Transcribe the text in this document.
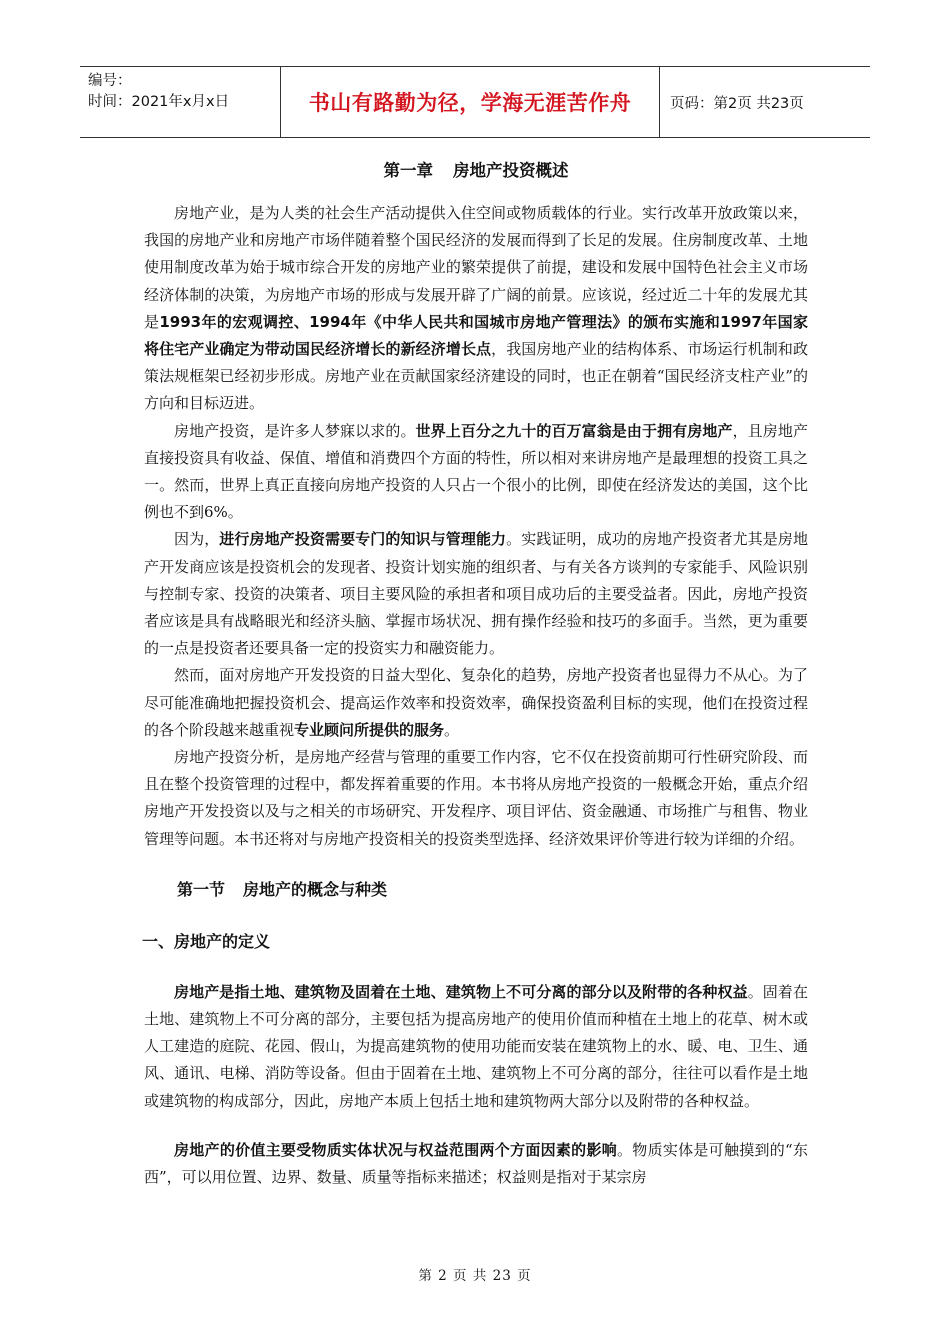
编号：
时间：2021年x月x日	书山有路勤为径，学海无涯苦作舟	页码：第2页 共23页
第一章 房地产投资概述

房地产业，是为人类的社会生产活动提供入住空间或物质载体的行业。实行改革开放政策以来，我国的房地产业和房地产市场伴随着整个国民经济的发展而得到了长足的发展。住房制度改革、土地使用制度改革为始于城市综合开发的房地产业的繁荣提供了前提，建设和发展中国特色社会主义市场经济体制的决策，为房地产市场的形成与发展开辟了广阔的前景。应该说，经过近二十年的发展尤其是1993年的宏观调控、1994年《中华人民共和国城市房地产管理法》的颁布实施和1997年国家将住宅产业确定为带动国民经济增长的新经济增长点，我国房地产业的结构体系、市场运行机制和政策法规框架已经初步形成。房地产业在贡献国家经济建设的同时，也正在朝着“国民经济支柱产业”的方向和目标迈进。

房地产投资，是许多人梦寐以求的。世界上百分之九十的百万富翁是由于拥有房地产，且房地产直接投资具有收益、保值、增值和消费四个方面的特性，所以相对来讲房地产是最理想的投资工具之一。然而，世界上真正直接向房地产投资的人只占一个很小的比例，即使在经济发达的美国，这个比例也不到6%。

因为，进行房地产投资需要专门的知识与管理能力。实践证明，成功的房地产投资者尤其是房地产开发商应该是投资机会的发现者、投资计划实施的组织者、与有关各方谈判的专家能手、风险识别与控制专家、投资的决策者、项目主要风险的承担者和项目成功后的主要受益者。因此，房地产投资者应该是具有战略眼光和经济头脑、掌握市场状况、拥有操作经验和技巧的多面手。当然，更为重要的一点是投资者还要具备一定的投资实力和融资能力。

然而，面对房地产开发投资的日益大型化、复杂化的趋势，房地产投资者也显得力不从心。为了尽可能准确地把握投资机会、提高运作效率和投资效率，确保投资盈利目标的实现，他们在投资过程的各个阶段越来越重视专业顾问所提供的服务。

房地产投资分析，是房地产经营与管理的重要工作内容，它不仅在投资前期可行性研究阶段、而且在整个投资管理的过程中，都发挥着重要的作用。本书将从房地产投资的一般概念开始，重点介绍房地产开发投资以及与之相关的市场研究、开发程序、项目评估、资金融通、市场推广与租售、物业管理等问题。本书还将对与房地产投资相关的投资类型选择、经济效果评价等进行较为详细的介绍。

第一节 房地产的概念与种类
一、房地产的定义

房地产是指土地、建筑物及固着在土地、建筑物上不可分离的部分以及附带的各种权益。固着在土地、建筑物上不可分离的部分，主要包括为提高房地产的使用价值而种植在土地上的花草、树木或人工建造的庭院、花园、假山，为提高建筑物的使用功能而安装在建筑物上的水、暖、电、卫生、通风、通讯、电梯、消防等设备。但由于固着在土地、建筑物上不可分离的部分，往往可以看作是土地或建筑物的构成部分，因此，房地产本质上包括土地和建筑物两大部分以及附带的各种权益。

房地产的价值主要受物质实体状况与权益范围两个方面因素的影响。物质实体是可触摸到的“东西”，可以用位置、边界、数量、质量等指标来描述；权益则是指对于某宗房

第 2 页 共 23 页
